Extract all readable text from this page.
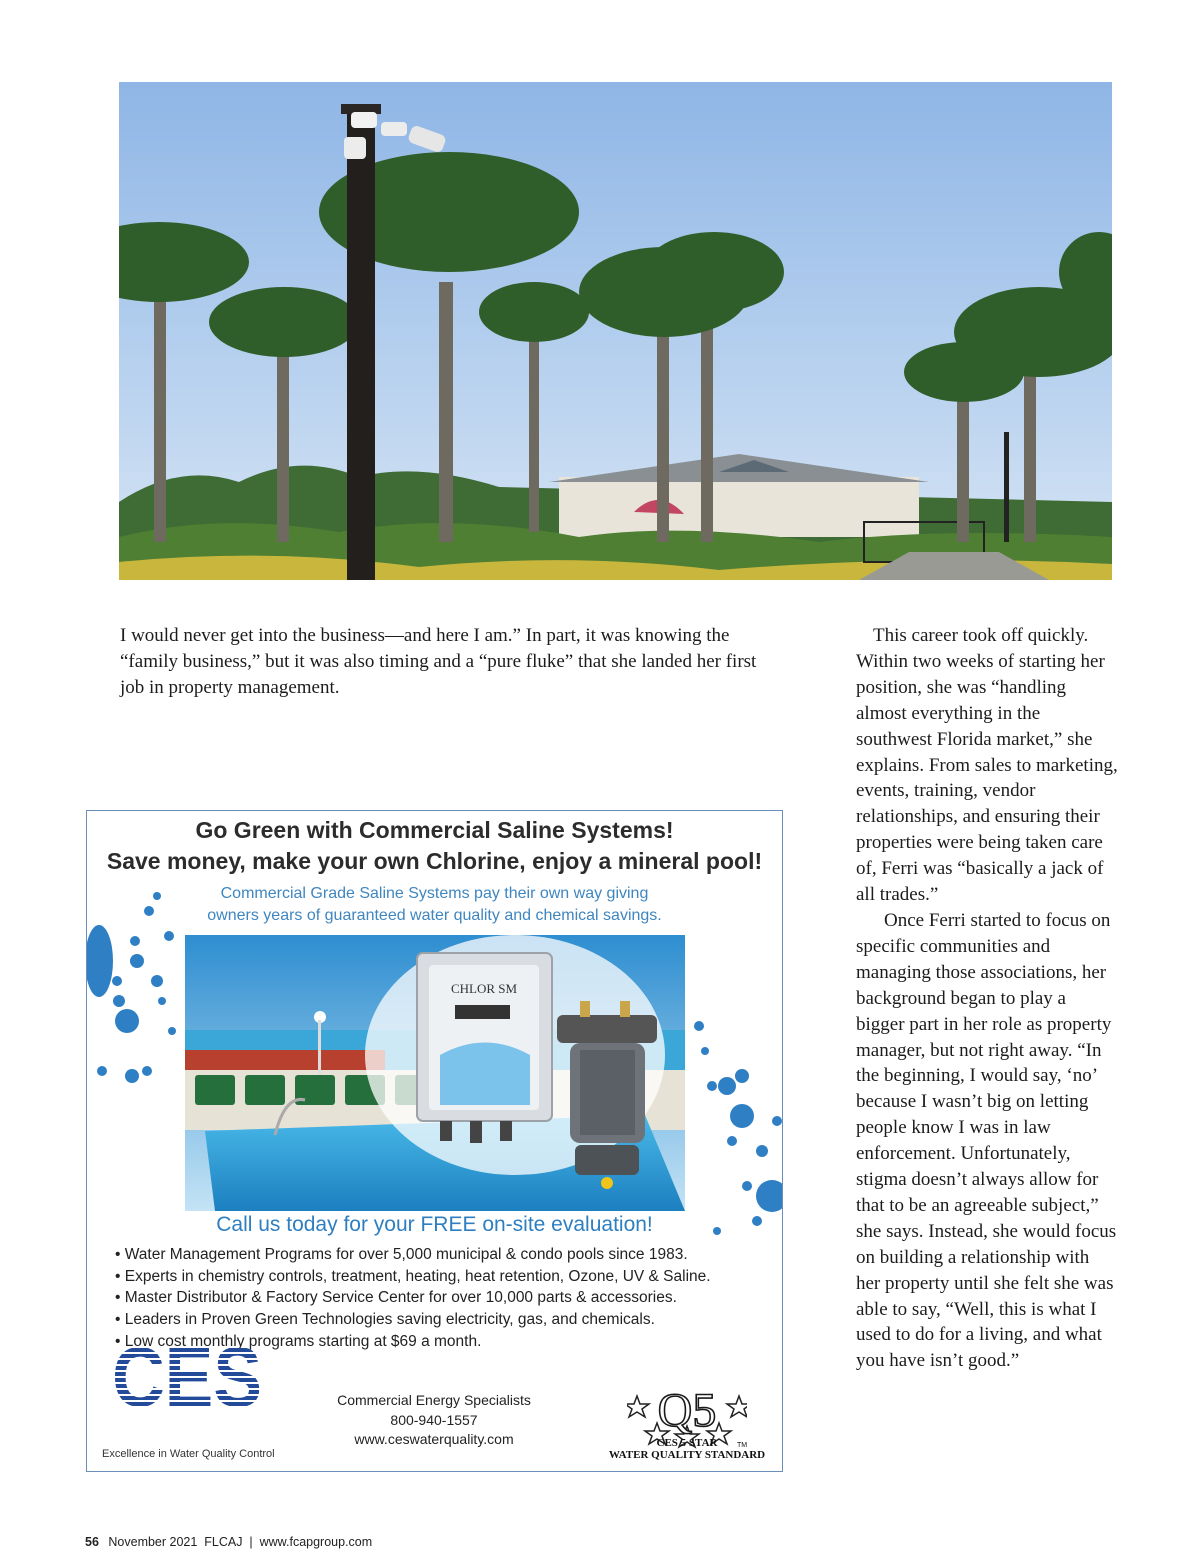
I would never get into the business—and here I am.” In part, it was knowing the “family business,” but it was also timing and a “pure fluke” that she landed her first job in property management.

This career took off quickly. Within two weeks of starting her position, she was “handling almost everything in the southwest Florida market,” she explains. From sales to marketing, events, training, vendor relationships, and ensuring their properties were being taken care of, Ferri was “basically a jack of all trades.”

Once Ferri started to focus on specific communities and managing those associations, her background began to play a bigger part in her role as property manager, but not right away. “In the beginning, I would say, ‘no’ because I wasn’t big on letting people know I was in law enforcement. Unfortunately, stigma doesn’t always allow for that to be an agreeable subject,” she says. Instead, she would focus on building a relationship with her property until she felt she was able to say, “Well, this is what I used to do for a living, and what you have isn’t good.”

Go Green with Commercial Saline Systems!
Save money, make your own Chlorine, enjoy a mineral pool!
Commercial Grade Saline Systems pay their own way giving owners years of guaranteed water quality and chemical savings.
CHLOR SM
Call us today for your FREE on-site evaluation!
• Water Management Programs for over 5,000 municipal & condo pools since 1983.
• Experts in chemistry controls, treatment, heating, heat retention, Ozone, UV & Saline.
• Master Distributor & Factory Service Center for over 10,000 parts & accessories.
• Leaders in Proven Green Technologies saving electricity, gas, and chemicals.
• Low cost monthly programs starting at $69 a month.
CES
Excellence in Water Quality Control
Commercial Energy Specialists
800-940-1557
www.ceswaterquality.com
Q5
TM
CES 5 STAR
WATER QUALITY STANDARD
56 November 2021  FLCAJ  |  www.fcapgroup.com
